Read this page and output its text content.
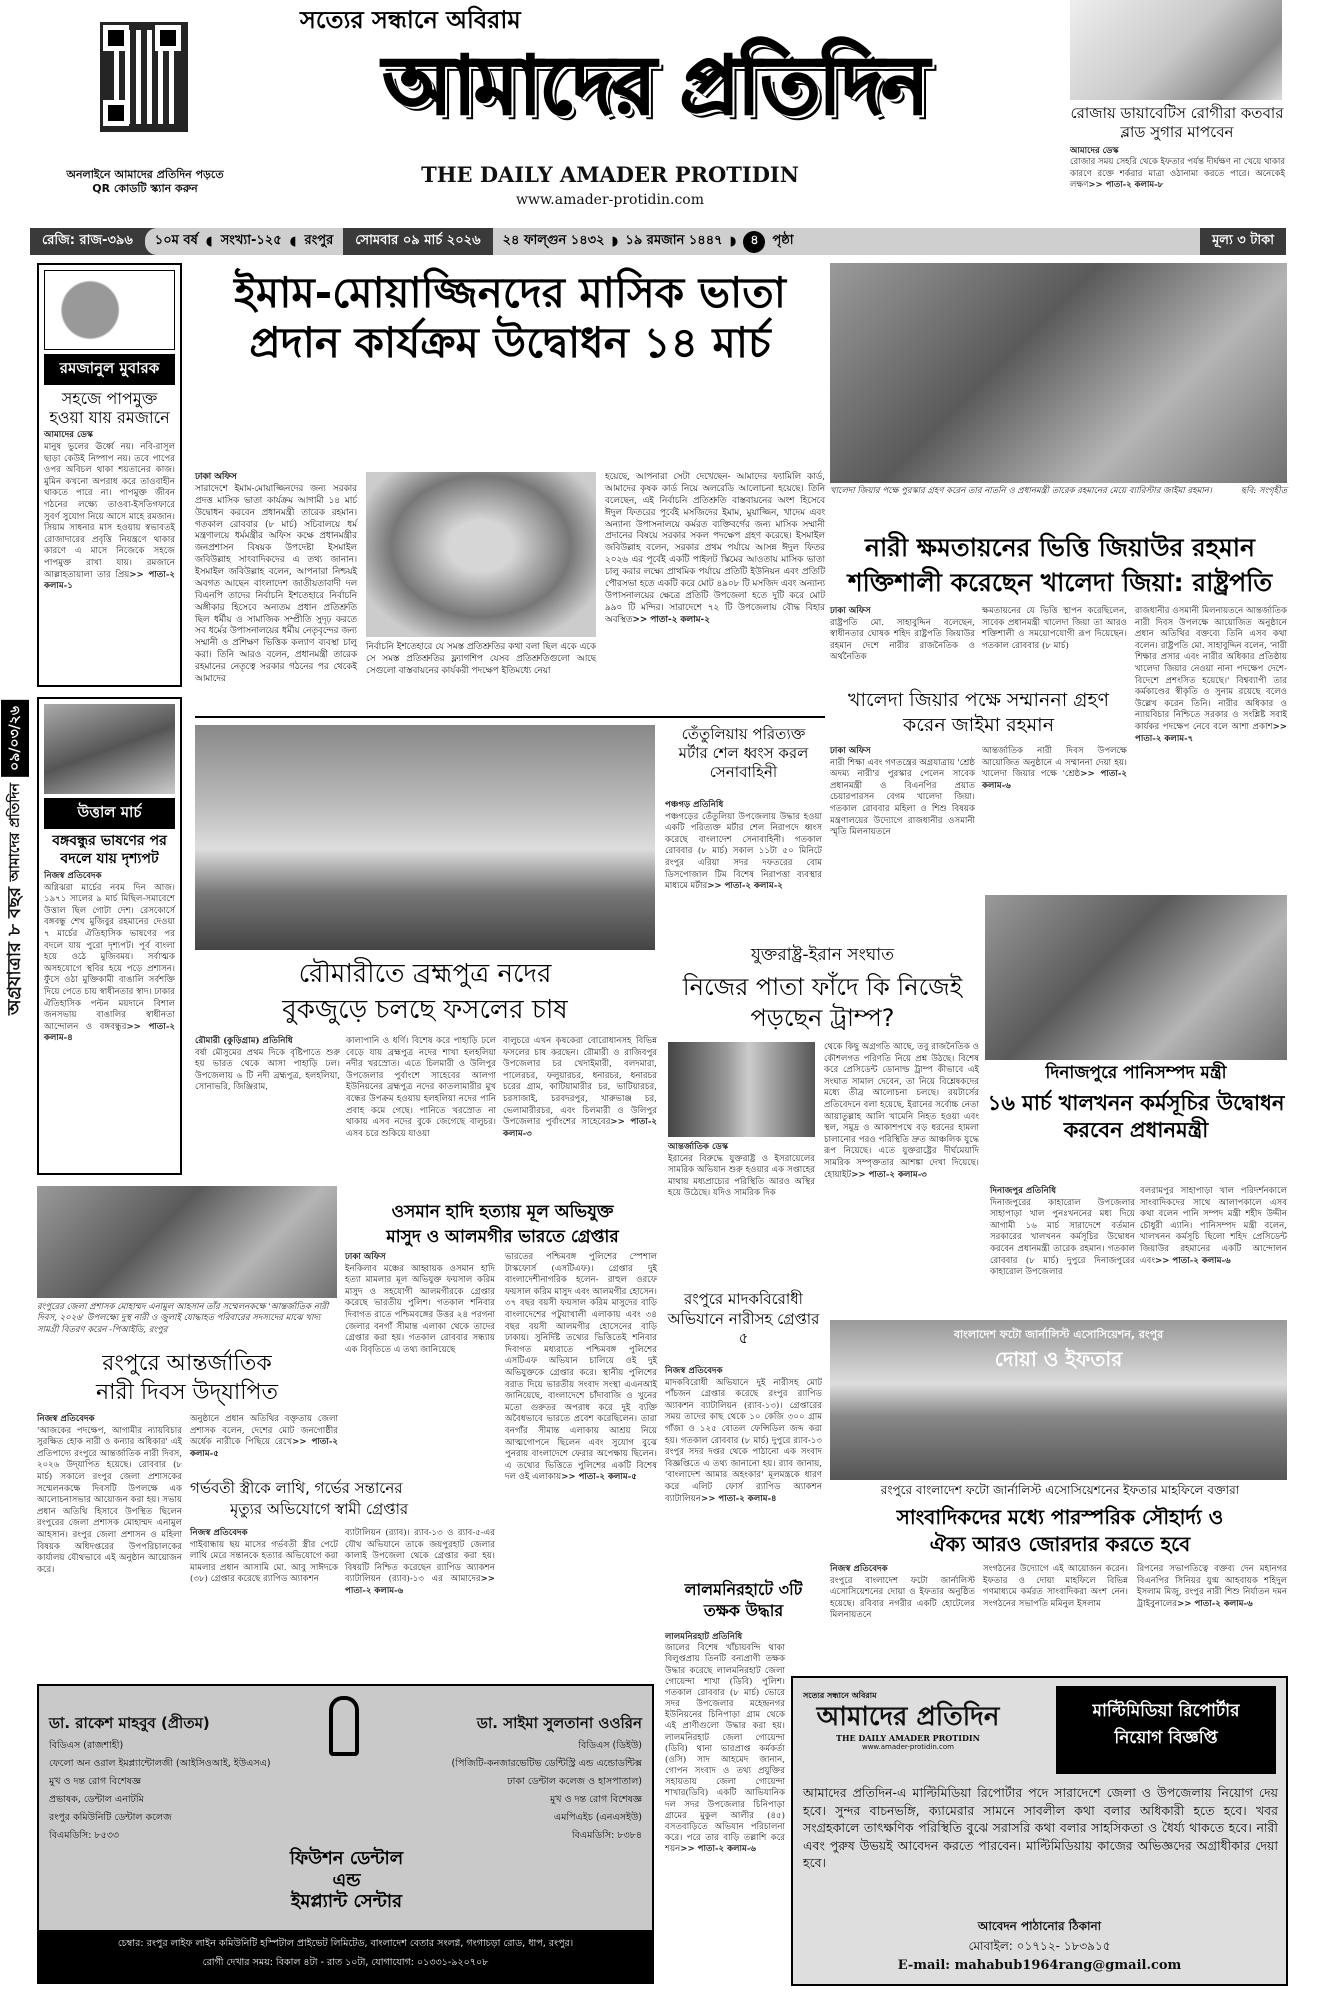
অনলাইনে আমাদের প্রতিদিন পড়তে
QR কোডটি স্ক্যান করুন
সত্যের সন্ধানে অবিরাম
আমাদের প্রতিদিন
THE DAILY AMADER PROTIDIN
www.amader-protidin.com
রোজায় ডায়াবেটিস রোগীরা কতবার ব্লাড সুগার মাপবেন
আমাদের ডেস্ক
রোজার সময় সেহরি থেকে ইফতার পর্যন্ত দীর্ঘক্ষণ না খেয়ে থাকার কারণে রক্তে শর্করার মাত্রা ওঠানামা করতে পারে। অনেকেই লক্ষণ>> পাতা-২ কলাম-৮
রেজি: রাজ-৩৯৬	১০ম বর্ষ ◖ সংখ্যা-১২৫ ◖ রংপুর	সোমবার ০৯ মার্চ ২০২৬	২৪ ফাল্গুন ১৪৩২ ◗ ১৯ রমজান ১৪৪৭ ◗	৪	পৃষ্ঠা	মূল্য ৩ টাকা
রমজানুল মুবারক
সহজে পাপমুক্ত হওয়া যায় রমজানে
আমাদের ডেস্ক
মানুষ ভুলের ঊর্ধ্বে নয়। নবি-রাসূল ছাড়া কেউই নিষ্পাপ নয়। তবে পাপের ওপর অবিচল থাকা শয়তানের কাজ। মুমিন কখনো অপরাধ করে তাওবাহীন থাকতে পারে না। পাপমুক্ত জীবন গঠনের লক্ষ্যে তাওবা-ইসতিগফারে সুবর্ণ সুযোগ নিয়ে আসে মাহে রমজান। সিয়াম সাধনার মাস হওয়ায় স্বভাবতই রোজাদারের প্রবৃত্তি নিয়ন্ত্রণে থাকার কারণে এ মাসে নিজেকে সহজে পাপমুক্ত রাখা যায়। রমজানে আল্লাহতায়ালা তার প্রিয়>> পাতা-২ কলাম-১
০৯/০৩/২৬
আমাদের প্রতিদিন
অগ্রযাত্রার ৮ বছর
উত্তাল মার্চ
বঙ্গবন্ধুর ভাষণের পর বদলে যায় দৃশ্যপট
নিজস্ব প্রতিবেদক
অগ্নিঝরা মার্চের নবম দিন আজ। ১৯৭১ সালের ৯ মার্চ মিছিল-সমাবেশে উত্তাল ছিল গোটা দেশ। রেসকোর্সে বঙ্গবন্ধু শেখ মুজিবুর রহমানের দেওয়া ৭ মার্চের ঐতিহাসিক ভাষণের পর বদলে যায় পুরো দৃশ্যপট। পূর্ব বাংলা হয়ে ওঠে মুজিবময়। সর্বাত্মক অসহযোগে স্থবির হয়ে পড়ে প্রশাসন। ফুঁসে ওঠা মুক্তিকামী বাঙালি সর্বশক্তি দিয়ে পেতে চায় স্বাধীনতার স্বাদ। ঢাকার ঐতিহাসিক পল্টন ময়দানে বিশাল জনসভায় বাঙালির স্বাধীনতা আন্দোলন ও বঙ্গবন্ধুর>> পাতা-২ কলাম-৪
ইমাম-মোয়াজ্জিনদের মাসিক ভাতা
প্রদান কার্যক্রম উদ্বোধন ১৪ মার্চ
ঢাকা অফিস
সারাদেশে ইমাম-মোয়াজ্জিনদের জন্য সরকার প্রদত্ত মাসিক ভাতা কার্যক্রম আগামী ১৪ মার্চ উদ্বোধন করবেন প্রধানমন্ত্রী তারেক রহমান। গতকাল রোববার (৮ মার্চ) সচিবালয়ে ধর্ম মন্ত্রণালয়ে ধর্মমন্ত্রীর অফিস কক্ষে প্রধানমন্ত্রীর জনপ্রশাসন বিষয়ক উপদেষ্টা ইসমাইল জবিউল্লাহ সাংবাদিকদের এ তথ্য জানান। ইসমাইল জবিউল্লাহ বলেন, আপনারা নিশ্চয়ই অবগত আছেন বাংলাদেশ জাতীয়তাবাদী দল বিএনপি তাদের নির্বাচনি ইশতেহারে নির্বাচনি অঙ্গীকার হিসেবে অন্যতম প্রধান প্রতিশ্রুতি ছিল ধর্মীয় ও সামাজিক সম্প্রীতি সুদৃঢ় করতে সব ধর্মের উপাসনালয়ের ধর্মীয় নেতৃবৃন্দের জন্য সম্মানী ও প্রশিক্ষণ ভিত্তিক কল্যাণ ব্যবস্থা চালু করা। তিনি আরও বলেন, প্রধানমন্ত্রী তারেক রহমানের নেতৃত্বে সরকার গঠনের পর থেকেই আমাদের
নির্বাচনি ইশতেহারে যে সমস্ত প্রতিশ্রুতির কথা বলা ছিল একে একে সে সমস্ত প্রতিশ্রুতির ফ্ল্যাগশিপ যেসব প্রতিশ্রুতিগুলো আছে সেগুলো বাস্তবায়নের কার্যকরী পদক্ষেপ ইতিমধ্যে নেয়া
হয়েছে, আপনারা সেটা দেখেছেন- আমাদের ফ্যামিলি কার্ড, আমাদের কৃষক কার্ড নিয়ে অলরেডি আলোচনা হয়েছে। তিনি বলেছেন, এই নির্বাচনি প্রতিশ্রুতি বাস্তবায়নের অংশ হিসেবে ঈদুল ফিতরের পূর্বেই মসজিদের ইমাম, মুয়াজ্জিন, খাদেম এবং অন্যান্য উপাসনালয়ে কর্মরত ব্যক্তিবর্গের জন্য মাসিক সম্মানী প্রদানের বিষয়ে সরকার সকল পদক্ষেপ গ্রহণ করেছে। ইসমাইল জবিউল্লাহ বলেন, সরকার প্রথম পর্যায়ে আসন্ন ঈদুল ফিতর ২০২৬ এর পূর্বেই একটি পাইলট স্কিমের আওতায় মাসিক ভাতা চালু করার লক্ষ্যে প্রাথমিক পর্যায়ে প্রতিটি ইউনিয়ন এবং প্রতিটি পৌরসভা হতে একটি করে মোট ৪৯০৮ টি মসজিদ এবং অন্যান্য উপাসনালয়ের ক্ষেত্রে প্রতিটি উপজেলা হতে দুটি করে মোট ৯৯০ টি মন্দির। সারাদেশে ৭২ টি উপজেলায় বৌদ্ধ বিহার অবস্থিত>> পাতা-২ কলাম-২
খালেদা জিয়ার পক্ষে পুরস্কার গ্রহণ করেন তার নাতনি ও প্রধানমন্ত্রী তারেক রহমানের মেয়ে ব্যারিস্টার জাইমা রহমান।	ছবি: সংগৃহীত
নারী ক্ষমতায়নের ভিত্তি জিয়াউর রহমান
শক্তিশালী করেছেন খালেদা জিয়া: রাষ্ট্রপতি
ঢাকা অফিস
রাষ্ট্রপতি মো. সাহাবুদ্দিন বলেছেন, স্বাধীনতার ঘোষক শহিদ রাষ্ট্রপতি জিয়াউর রহমান দেশে নারীর রাজনৈতিক ও অর্থনৈতিক
ক্ষমতায়নের যে ভিত্তি স্থাপন করেছিলেন, সাবেক প্রধানমন্ত্রী খালেদা জিয়া তা আরও শক্তিশালী ও সময়োপযোগী রূপ দিয়েছেন। গতকাল রোববার (৮ মার্চ)
রাজধানীর ওসমানী মিলনায়তনে আন্তর্জাতিক নারী দিবস উপলক্ষে আয়োজিত অনুষ্ঠানে প্রধান অতিথির বক্তব্যে তিনি এসব কথা বলেন। রাষ্ট্রপতি মো. সাহাবুদ্দিন বলেন, 'নারী শিক্ষার প্রসার এবং নারীর অধিকার প্রতিষ্ঠায় খালেদা জিয়ার নেওয়া নানা পদক্ষেপ দেশে-বিদেশে প্রশংসিত হয়েছে।' বিশ্বব্যাপী তার কর্মকাণ্ডের স্বীকৃতি ও সুনাম রয়েছে বলেও উল্লেখ করেন তিনি। নারীর অধিকার ও ন্যায়বিচার নিশ্চিতে সরকার ও সংশ্লিষ্ট সবাই কার্যকর পদক্ষেপ নেবে বলে আশা প্রকাশ>> পাতা-২ কলাম-৭
খালেদা জিয়ার পক্ষে সম্মাননা গ্রহণ করেন জাইমা রহমান
ঢাকা অফিস
নারী শিক্ষা এবং গণতন্ত্রের অগ্রযাত্রায় 'শ্রেষ্ঠ অদম্য নারী'র পুরস্কার পেলেন সাবেক প্রধানমন্ত্রী ও বিএনপির প্রয়াত চেয়ারপারসন বেগম খালেদা জিয়া। গতকাল রোববার মহিলা ও শিশু বিষয়ক মন্ত্রণালয়ের উদ্যোগে রাজধানীর ওসমানী স্মৃতি মিলনায়তনে
আন্তর্জাতিক নারী দিবস উপলক্ষে আয়োজিত অনুষ্ঠানে এ সম্মাননা দেয়া হয়। খালেদা জিয়ার পক্ষে 'শ্রেষ্ঠ>> পাতা-২ কলাম-৬
দিনাজপুরে পানিসম্পদ মন্ত্রী
১৬ মার্চ খালখনন কর্মসূচির উদ্বোধন করবেন প্রধানমন্ত্রী
দিনাজপুর প্রতিনিধি
দিনাজপুরের কাহারোল উপজেলার সাহাপাড়া খাল পুনঃখননের মধ্য দিয়ে আগামী ১৬ মার্চ সারাদেশে বর্তমান সরকারের খালখনন কর্মসূচির উদ্বোধন করবেন প্রধানমন্ত্রী তারেক রহমান। গতকাল রোববার (৮ মার্চ) দুপুরে দিনাজপুরের কাহারোল উপজেলার
বলরামপুর সাহাপাড়া খাল পরিদর্শনকালে সাংবাদিকদের সাথে আলাপকালে এসব কথা বলেন পানি সম্পদ মন্ত্রী শহীদ উদ্দীন চৌধুরী এ্যানি। পানিসম্পদ মন্ত্রী বলেন, খালখনন কর্মসূচি ছিলো শহিদ প্রেসিডেন্ট জিয়াউর রহমানের একটি আন্দোলন এবং>> পাতা-২ কলাম-৬
রৌমারীতে ব্রহ্মপুত্র নদের
বুকজুড়ে চলছে ফসলের চাষ
রৌমারী (কুড়িগ্রাম) প্রতিনিধি
বর্ষা মৌসুমের প্রথম দিকে বৃষ্টিপাতে শুরু হয় ভারত থেকে আসা পাহাড়ি ঢল। উপজেলায় ৬ টি নদী ব্রহ্মপুত্র, হলহলিয়া, সোনাভরি, জিঞ্জিরাম,
কালাপানি ও ধর্ণি। বিশেষ করে পাহাড়ি ঢলে বেড়ে যায় ব্রহ্মপুত্র নদের শাখা হলহলিয়া নদীর খরস্রোত। এতে চিলমারী ও উলিপুর উপজেলার পুর্বাংশে সাহেবের আলগা ইউনিয়নের ব্রহ্মপুত্র নদের কাতলামারীর মুখ বন্ধের উপক্রম হওয়ায় হলহলিয়া নদের পানি প্রবাহ কমে গেছে। পানিতে খরস্রোত না থাকায় এসব নদের বুকে জেগেছে বালুচর। এসব চরে শুকিয়ে যাওয়া
বালুচরে এখন কৃষকেরা বোরোধানসহ বিভিন্ন ফসলের চাষ করছেন। রৌমারী ও রাজিবপুর উপজেলার চর খেদাইমারী, বলদমারা, পালেরচর, ফলুয়ারচর, ধনারচর, ধনারচর চরের গ্রাম, কাটিয়ামারীর চর, ভাটিয়ারচর, চরসাজাই, চরবদরপুর, খারুভাঞ্জ চর, ভেলামারীরচর, এবং চিলমারী ও উলিপুর উপজেলার পুর্বাংশের সাহেবের>> পাতা-২ কলাম-৩
তেঁতুলিয়ায় পরিত্যক্ত মর্টার শেল ধ্বংস করল সেনাবাহিনী
পঞ্চগড় প্রতিনিধি
পঞ্চগড়ের তেঁতুলিয়া উপজেলায় উদ্ধার হওয়া একটি পরিত্যক্ত মর্টার শেল নিরাপদে ধ্বংস করেছে বাংলাদেশ সেনাবাহিনী। গতকাল রোববার (৮ মার্চ) সকাল ১১টা ৫০ মিনিটে রংপুর এরিয়া সদর দফতরের বোম ডিসপোজাল টিম বিশেষ নিরাপত্তা ব্যবস্থার মাধ্যমে মর্টার>> পাতা-২ কলাম-২
যুক্তরাষ্ট্র-ইরান সংঘাত
নিজের পাতা ফাঁদে কি নিজেই পড়ছেন ট্রাম্প?
আন্তর্জাতিক ডেস্ক
ইরানের বিরুদ্ধে যুক্তরাষ্ট্র ও ইসরায়েলের সামরিক অভিযান শুরু হওয়ার এক সপ্তাহের মাথায় মধ্যপ্রাচ্যের পরিস্থিতি আরও অস্থির হয়ে উঠেছে। যদিও সামরিক দিক
থেকে কিছু অগ্রগতি আছে, তবু রাজনৈতিক ও কৌশলগত পরিণতি নিয়ে প্রশ্ন উঠছে। বিশেষ করে প্রেসিডেন্ট ডোনাল্ড ট্রাম্প কীভাবে এই সংঘাত সামাল দেবেন, তা নিয়ে বিশ্লেষকদের মধ্যে তীব্র আলোচনা চলছে। রয়টার্সের প্রতিবেদনে বলা হয়েছে, ইরানের সর্বোচ্চ নেতা আয়াতুল্লাহ আলি খামেনি নিহত হওয়া এবং স্থল, সমুদ্র ও আকাশপথে বড় ধরনের হামলা চালানোর পরও পরিস্থিতি দ্রুত আঞ্চলিক যুদ্ধে রূপ নিয়েছে। এতে যুক্তরাষ্ট্রের দীর্ঘমেয়াদি সামরিক সম্পৃক্ততার আশঙ্কা দেখা দিয়েছে। হোয়াইট>> পাতা-২ কলাম-৩
রংপুরের জেলা প্রশাসক মোহাম্মদ এনামুল আহসান তাঁর সম্মেলনকক্ষে 'আন্তর্জাতিক নারী দিবস, ২০২৬' উপলক্ষ্যে দুস্থ নারী ও জুলাই যোদ্ধাহত পরিবারের সদস্যদের মাঝে খাদ্য সামগ্রী বিতরণ করেন -পিআইডি, রংপুর
রংপুরে আন্তর্জাতিক
নারী দিবস উদ্‌যাপিত
নিজস্ব প্রতিবেদক
'আজকের পদক্ষেপ, আগামীর ন্যায়বিচার সুরক্ষিত হোক নারী ও কন্যার অধিকার' এই প্রতিপাদ্যে রংপুরে আন্তর্জাতিক নারী দিবস, ২০২৬ উদ্‌যাপিত হয়েছে। রোববার (৮ মার্চ) সকালে রংপুর জেলা প্রশাসকের সম্মেলনকক্ষে দিবসটি উপলক্ষে এক আলোচনাসভার আয়োজন করা হয়। সভায় প্রধান অতিথি হিসাবে উপস্থিত ছিলেন রংপুরের জেলা প্রশাসক মোহাম্মদ এনামুল আহসান। রংপুর জেলা প্রশাসন ও মহিলা বিষয়ক অধিদপ্তরের উপপরিচালকের কার্যালয় যৌথভাবে এই অনুষ্ঠান আয়োজন করে।
অনুষ্ঠানে প্রধান অতিথির বক্তৃতায় জেলা প্রশাসক বলেন, দেশের মোট জনগোষ্ঠীর অর্ধেক নারীকে পিছিয়ে রেখে>> পাতা-২ কলাম-৫
গর্ভবতী স্ত্রীকে লাথি, গর্ভের সন্তানের
মৃত্যুর অভিযোগে স্বামী গ্রেপ্তার
নিজস্ব প্রতিবেদক
গাইবান্ধায় ছয় মাসের গর্ভবতী স্ত্রীর পেটে লাথি মেরে সন্তানকে হত্যার অভিযোগে করা মামলার প্রধান আসামি মো. আবু সাঈদকে (৩৮) গ্রেপ্তার করেছে র‍্যাপিড অ্যাকশন
ব্যাটালিয়ন (র‍্যাব)। র‍্যাব-১৩ ও র‍্যাব-৫-এর যৌথ অভিযানে তাকে জয়পুরহাট জেলার কালাই উপজেলা থেকে গ্রেপ্তার করা হয়। বিষয়টি নিশ্চিত করেছেন র‍্যাপিড অ্যাকশন ব্যাটালিয়ন (র‍্যাব)-১৩ এর আমাদের>> পাতা-২ কলাম-৬
ওসমান হাদি হত্যায় মূল অভিযুক্ত
মাসুদ ও আলমগীর ভারতে গ্রেপ্তার
ঢাকা অফিস
ইনকিলাব মঞ্চের আহ্বায়ক ওসমান হাদি হত্যা মামলার মূল অভিযুক্ত ফয়সাল করিম মাসুদ ও সহযোগী আলমগীরকে গ্রেপ্তার করেছে ভারতীয় পুলিশ। গতকাল শনিবার দিবাগত রাতে পশ্চিমবঙ্গের উত্তর ২৪ পরগনা জেলার বনগাঁ সীমান্ত এলাকা থেকে তাদের গ্রেপ্তার করা হয়। গতকাল রোববার সন্ধ্যায় এক বিবৃতিতে এ তথ্য জানিয়েছে
ভারতের পশ্চিমবঙ্গ পুলিশের স্পেশাল টাস্কফোর্স (এসটিএফ)। গ্রেপ্তার দুই বাংলাদেশীনাগরিক হলেন- রাহুল ওরফে ফয়সাল করিম মাসুদ এবং আলমগীর হোসেন। ৩৭ বছর বয়সী ফয়সাল করিম মাসুদের বাড়ি বাংলাদেশের পটুয়াখালী এলাকায় এবং ৩৪ বছর বয়সী আলমগীর হোসেনের বাড়ি ঢাকায়। সুনির্দিষ্ট তথ্যের ভিত্তিতেই শনিবার দিবাগত মধ্যরাতে পশ্চিমবঙ্গ পুলিশের এসটিএফ অভিযান চালিয়ে ওই দুই অভিযুক্তকে গ্রেপ্তার করে। স্থানীয় পুলিশের বরাত দিয়ে ভারতীয় সংবাদ সংস্থা এএনআই জানিয়েছে, বাংলাদেশে চাঁদাবাজি ও খুনের মতো গুরুতর অপরাধ করে দুই ব্যক্তি অবৈধভাবে ভারতে প্রবেশ করেছিলেন। তারা বনগাঁর সীমান্ত এলাকায় আশ্রয় নিয়ে আত্মগোপনে ছিলেন এবং সুযোগ বুঝে পুনরায় বাংলাদেশে ফেরার অপেক্ষায় ছিলেন। এ তথ্যের ভিত্তিতে পুলিশের একটি বিশেষ দল ওই এলাকায়>> পাতা-২ কলাম-৫
রংপুরে মাদকবিরোধী অভিযানে নারীসহ গ্রেপ্তার ৫
নিজস্ব প্রতিবেদক
মাদকবিরোধী অভিযানে দুই নারীসহ মোট পাঁচজন গ্রেপ্তার করেছে রংপুর র‍্যাপিড অ্যাকশন ব্যাটালিয়ন (র‍্যাব-১৩)। গ্রেপ্তারের সময় তাদের কাছ থেকে ১০ কেজি ৩০০ গ্রাম গাঁজা ও ১২৫ বোতল ফেন্সিডিল জব্দ করা হয়। গতকাল রোববার (৮ মার্চ) দুপুরে র‍্যাব-১৩ রংপুর সদর দপ্তর থেকে পাঠানো এক সংবাদ বিজ্ঞপ্তিতে এ তথ্য জানানো হয়। র‍্যাব জানায়, 'বাংলাদেশ আমার অহংকার' মূলমন্ত্রকে ধারণ করে এলিট ফোর্স র‍্যাপিড অ্যাকশন ব্যাটালিয়ন>> পাতা-২ কলাম-৪
লালমনিরহাটে ৩টি তক্ষক উদ্ধার
লালমনিরহাট প্রতিনিধি
জালের বিশেষ খাঁচায়বন্দি থাকা বিলুপ্তপ্রায় তিনটি বন্যপ্রাণী তক্ষক উদ্ধার করেছে লালমনিরহাট জেলা গোয়েন্দা শাখা (ডিবি) পুলিশ। গতকাল রোববার (৮ মার্চ) ভোরে সদর উপজেলার মহেন্দ্রনগর ইউনিয়নের চিনিপাড়া গ্রাম থেকে এই প্রাণীগুলো উদ্ধার করা হয়। লালমনিরহাট জেলা গোয়েন্দা (ডিবি) থানা ভারপ্রাপ্ত কর্মকর্তা (ওসি) সাদ আহমেদ জানান, গোপন সংবাদ ও তথ্য প্রযুক্তির সহায়তায় জেলা গোয়েন্দা শাখার(ডিবি) একটি আভিযানিক দল সদর উপজেলার চিনিপাড়া গ্রামের মুকুল আলীর (৪৫) বসতবাড়িতে অভিযান পরিচালনা করে। পরে তার বাড়ি তল্লাশি করে শয়ন>> পাতা-২ কলাম-৬
বাংলাদেশ ফটো জার্নালিস্ট এসোসিয়েশন, রংপুর
দোয়া ও ইফতার
রংপুরে বাংলাদেশ ফটো জার্নালিস্ট এসোসিয়েশনের ইফতার মাহফিলে বক্তারা
সাংবাদিকদের মধ্যে পারস্পরিক সৌহার্দ্য ও
ঐক্য আরও জোরদার করতে হবে
নিজস্ব প্রতিবেদক
রংপুরে বাংলাদেশ ফটো জার্নালিস্ট এসোসিয়েশনের দোয়া ও ইফতার অনুষ্ঠিত হয়েছে। রবিবার নগরীর একটি হোটেলের মিলনায়তনে
সংগঠনের উদ্যোগে এই আয়োজন করেন। ইফতার ও দোয়া মাহফিলে বিভিন্ন গণমাধ্যমে কর্মরত সাংবাদিকরা অংশ নেন। সংগঠনের সভাপতি মমিনুল ইসলাম
রিপনের সভাপতিত্বে বক্তব্য দেন মহানগর বিএনপির সিনিয়র যুগ্ম আহবায়ক শহিদুল ইসলাম মিজু, রংপুর নারী শিশু নির্যাতন দমন ট্রাইবুনালের>> পাতা-২ কলাম-৬
ডা. রাকেশ মাহবুব (প্রীতম)
বিডিএস (রাজশাহী)
ফেলো অন ওরাল ইমপ্ল্যান্টোলজী (আইসিওআই, ইউএসএ)
মুখ ও দন্ত রোগ বিশেষজ্ঞ
প্রভাষক, ডেন্টাল এনাটমি
রংপুর কমিউনিটি ডেন্টাল কলেজ
বিএমডিসি: ৮৫৩৩
ডা. সাইমা সুলতানা ওওরিন
বিডিএস (ডিইউ)
(পিজিটি-কনজারভেটিভ ডেন্টিস্ট্রি এন্ড এন্ডোডন্টিক্স
ঢাকা ডেন্টাল কলেজ ও হাসপাতাল)
মুখ ও দন্ত রোগ বিশেষজ্ঞ
এমপিএইচ (এনএসইউ)
বিএমডিসি: ৮৩৮৪
ফিউশন ডেন্টাল
এন্ড
ইমপ্ল্যান্ট সেন্টার
চেম্বার: রংপুর লাইফ লাইন কমিউনিটি হস্পিটাল প্রাইভেট লিমিটেড, বাংলাদেশ বেতার সংলগ্ন, গংগাচড়া রোড, ধাপ, রংপুর।
রোগী দেখার সময়: বিকাল ৪টা - রাত ১০টা, যোগাযোগ: ০১৩৩১-৯২০৭০৮
সত্যের সন্ধানে অবিরাম
আমাদের প্রতিদিন
THE DAILY AMADER PROTIDIN
www.amader-protidin.com
মাল্টিমিডিয়া রিপোর্টার
নিয়োগ বিজ্ঞপ্তি
আমাদের প্রতিদিন-এ মাল্টিমিডিয়া রিপোর্টার পদে সারাদেশে জেলা ও উপজেলায় নিয়োগ দেয় হবে। সুন্দর বাচনভঙ্গি, ক্যামেরার সামনে সাবলীল কথা বলার অধিকারী হতে হবে। খবর সংগ্রহকালে তাৎক্ষণিক পরিস্থিতি বুঝে সরাসরি কথা বলার সাহসিকতা ও ধৈর্য্য থাকতে হবে। নারী এবং পুরুষ উভয়ই আবেদন করতে পারবেন। মাল্টিমিডিয়ায় কাজের অভিজ্ঞদের অগ্রাধীকার দেয়া হবে।
আবেদন পাঠানোর ঠিকানা
মোবাইল: ০১৭১২- ১৮৩৯১৫
E-mail: mahabub1964rang@gmail.com
